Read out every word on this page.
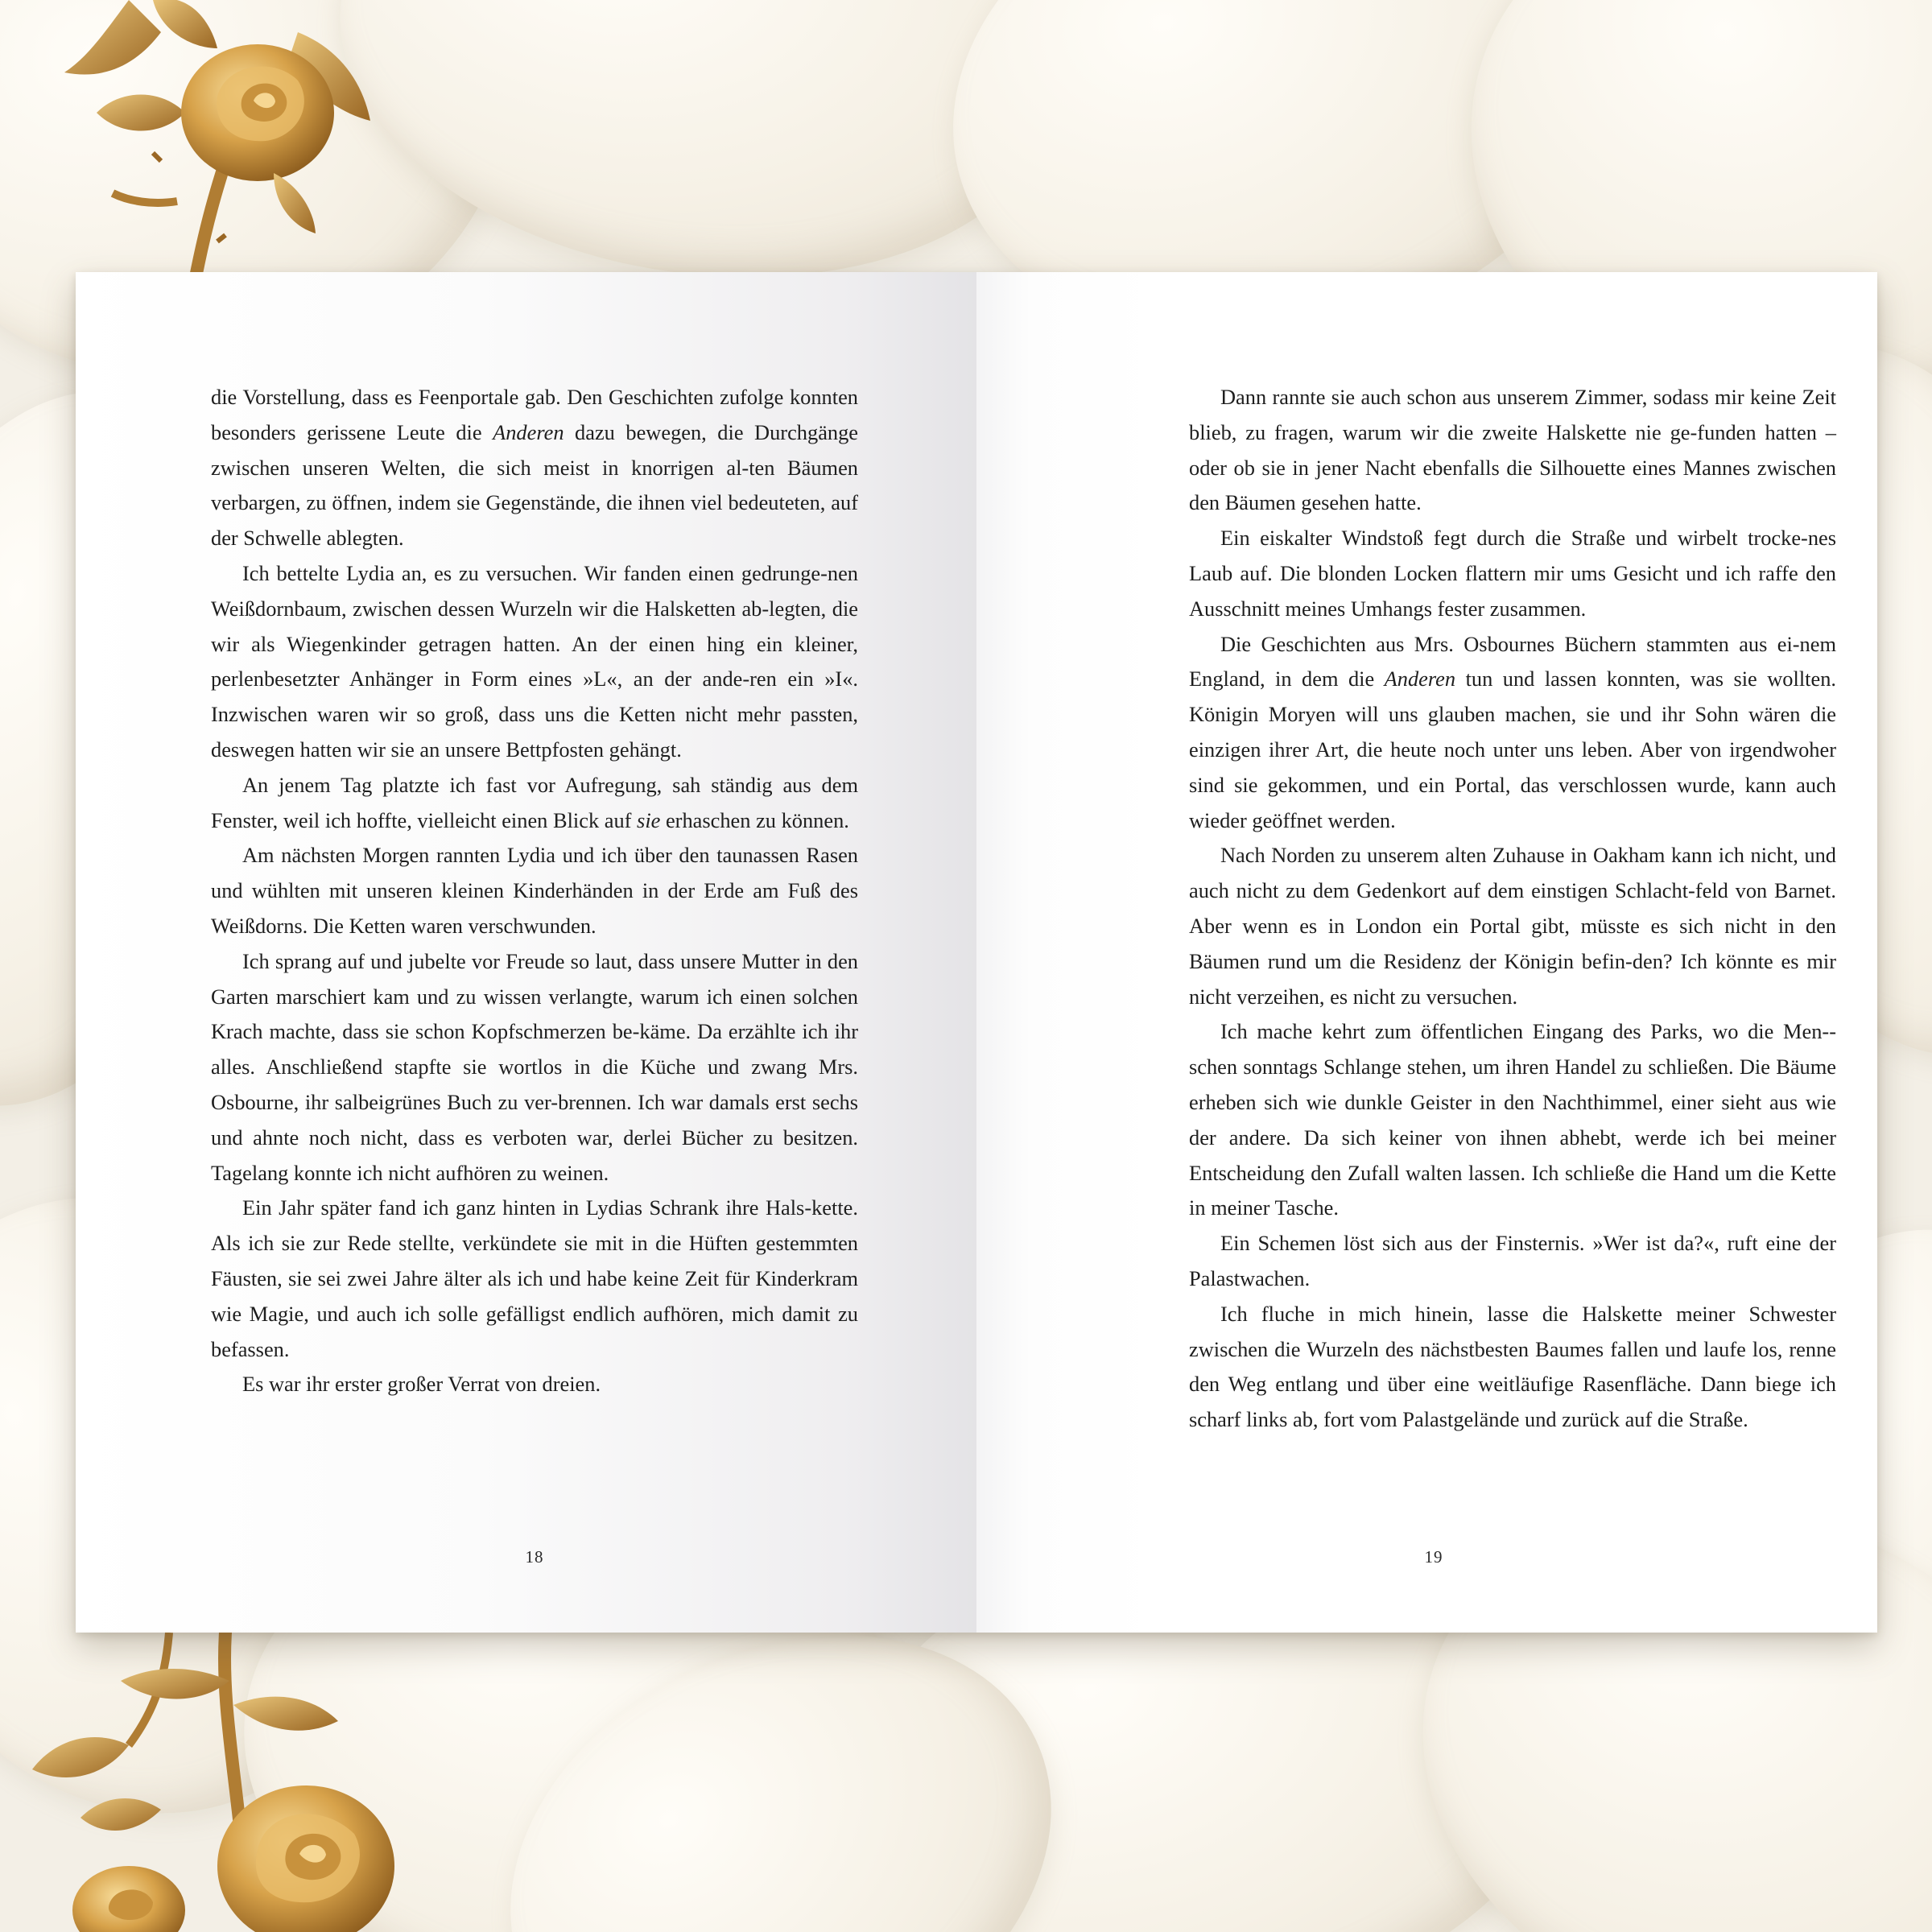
die Vorstellung, dass es Feenportale gab. Den Geschichten zufolge konnten besonders gerissene Leute die Anderen dazu bewegen, die Durchgänge zwischen unseren Welten, die sich meist in knorrigen al-ten Bäumen verbargen, zu öffnen, indem sie Gegenstände, die ihnen viel bedeuteten, auf der Schwelle ablegten.

Ich bettelte Lydia an, es zu versuchen. Wir fanden einen gedrunge-nen Weißdornbaum, zwischen dessen Wurzeln wir die Halsketten ab-legten, die wir als Wiegenkinder getragen hatten. An der einen hing ein kleiner, perlenbesetzter Anhänger in Form eines »L«, an der ande-ren ein »I«. Inzwischen waren wir so groß, dass uns die Ketten nicht mehr passten, deswegen hatten wir sie an unsere Bettpfosten gehängt.

An jenem Tag platzte ich fast vor Aufregung, sah ständig aus dem Fenster, weil ich hoffte, vielleicht einen Blick auf sie erhaschen zu können.

Am nächsten Morgen rannten Lydia und ich über den taunassen Rasen und wühlten mit unseren kleinen Kinderhänden in der Erde am Fuß des Weißdorns. Die Ketten waren verschwunden.

Ich sprang auf und jubelte vor Freude so laut, dass unsere Mutter in den Garten marschiert kam und zu wissen verlangte, warum ich einen solchen Krach machte, dass sie schon Kopfschmerzen be-käme. Da erzählte ich ihr alles. Anschließend stapfte sie wortlos in die Küche und zwang Mrs. Osbourne, ihr salbeigrünes Buch zu ver-brennen. Ich war damals erst sechs und ahnte noch nicht, dass es verboten war, derlei Bücher zu besitzen. Tagelang konnte ich nicht aufhören zu weinen.

Ein Jahr später fand ich ganz hinten in Lydias Schrank ihre Hals-kette. Als ich sie zur Rede stellte, verkündete sie mit in die Hüften gestemmten Fäusten, sie sei zwei Jahre älter als ich und habe keine Zeit für Kinderkram wie Magie, und auch ich solle gefälligst endlich aufhören, mich damit zu befassen.

Es war ihr erster großer Verrat von dreien.

18

Dann rannte sie auch schon aus unserem Zimmer, sodass mir keine Zeit blieb, zu fragen, warum wir die zweite Halskette nie ge-funden hatten – oder ob sie in jener Nacht ebenfalls die Silhouette eines Mannes zwischen den Bäumen gesehen hatte.

Ein eiskalter Windstoß fegt durch die Straße und wirbelt trocke-nes Laub auf. Die blonden Locken flattern mir ums Gesicht und ich raffe den Ausschnitt meines Umhangs fester zusammen.

Die Geschichten aus Mrs. Osbournes Büchern stammten aus ei-nem England, in dem die Anderen tun und lassen konnten, was sie wollten. Königin Moryen will uns glauben machen, sie und ihr Sohn wären die einzigen ihrer Art, die heute noch unter uns leben. Aber von irgendwoher sind sie gekommen, und ein Portal, das verschlossen wurde, kann auch wieder geöffnet werden.

Nach Norden zu unserem alten Zuhause in Oakham kann ich nicht, und auch nicht zu dem Gedenkort auf dem einstigen Schlacht-feld von Barnet. Aber wenn es in London ein Portal gibt, müsste es sich nicht in den Bäumen rund um die Residenz der Königin befin-den? Ich könnte es mir nicht verzeihen, es nicht zu versuchen.

Ich mache kehrt zum öffentlichen Eingang des Parks, wo die Men-schen sonntags Schlange stehen, um ihren Handel zu schließen. Die Bäume erheben sich wie dunkle Geister in den Nachthimmel, einer sieht aus wie der andere. Da sich keiner von ihnen abhebt, werde ich bei meiner Entscheidung den Zufall walten lassen. Ich schließe die Hand um die Kette in meiner Tasche.

Ein Schemen löst sich aus der Finsternis. »Wer ist da?«, ruft eine der Palastwachen.

Ich fluche in mich hinein, lasse die Halskette meiner Schwester zwischen die Wurzeln des nächstbesten Baumes fallen und laufe los, renne den Weg entlang und über eine weitläufige Rasenfläche. Dann biege ich scharf links ab, fort vom Palastgelände und zurück auf die Straße.

19
